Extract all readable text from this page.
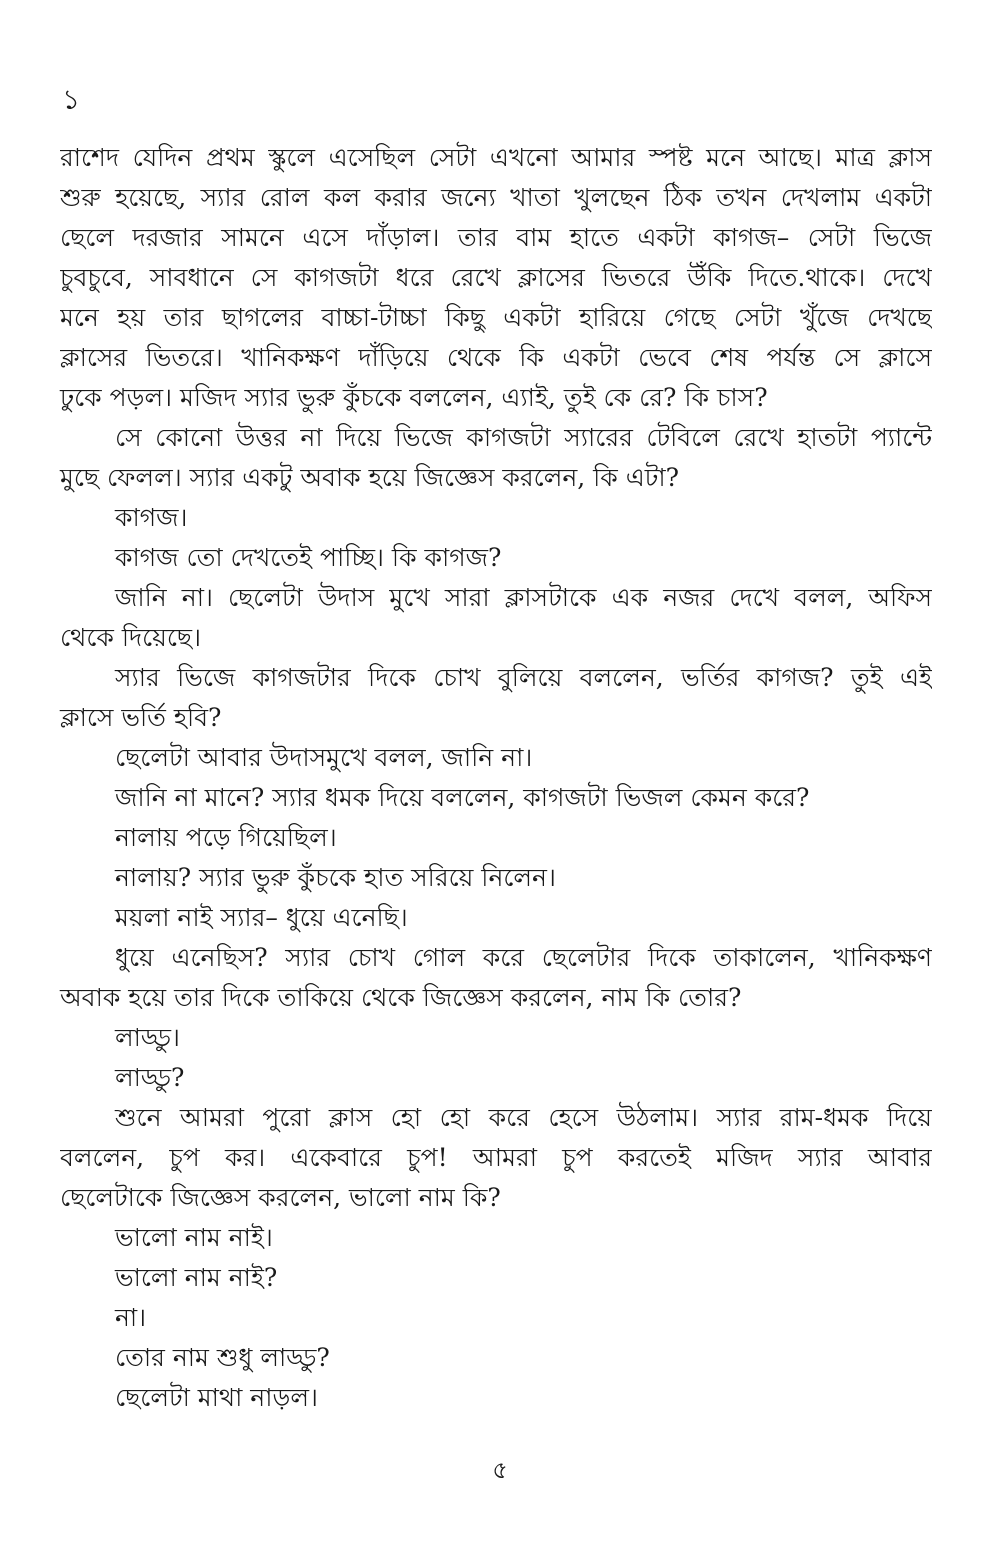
১
রাশেদ যেদিন প্রথম স্কুলে এসেছিল সেটা এখনো আমার স্পষ্ট মনে আছে। মাত্র ক্লাস
শুরু হয়েছে, স্যার রোল কল করার জন্যে খাতা খুলছেন ঠিক তখন দেখলাম একটা
ছেলে দরজার সামনে এসে দাঁড়াল। তার বাম হাতে একটা কাগজ– সেটা ভিজে
চুবচুবে, সাবধানে সে কাগজটা ধরে রেখে ক্লাসের ভিতরে উঁকি দিতে.থাকে। দেখে
মনে হয় তার ছাগলের বাচ্চা-টাচ্চা কিছু একটা হারিয়ে গেছে সেটা খুঁজে দেখছে
ক্লাসের ভিতরে। খানিকক্ষণ দাঁড়িয়ে থেকে কি একটা ভেবে শেষ পর্যন্ত সে ক্লাসে
ঢুকে পড়ল। মজিদ স্যার ভুরু কুঁচকে বললেন, এ্যাই, তুই কে রে? কি চাস?
সে কোনো উত্তর না দিয়ে ভিজে কাগজটা স্যারের টেবিলে রেখে হাতটা প্যান্টে
মুছে ফেলল। স্যার একটু অবাক হয়ে জিজ্ঞেস করলেন, কি এটা?
কাগজ।
কাগজ তো দেখতেই পাচ্ছি। কি কাগজ?
জানি না। ছেলেটা উদাস মুখে সারা ক্লাসটাকে এক নজর দেখে বলল, অফিস
থেকে দিয়েছে।
স্যার ভিজে কাগজটার দিকে চোখ বুলিয়ে বললেন, ভর্তির কাগজ? তুই এই
ক্লাসে ভর্তি হবি?
ছেলেটা আবার উদাসমুখে বলল, জানি না।
জানি না মানে? স্যার ধমক দিয়ে বললেন, কাগজটা ভিজল কেমন করে?
নালায় পড়ে গিয়েছিল।
নালায়? স্যার ভুরু কুঁচকে হাত সরিয়ে নিলেন।
ময়লা নাই স্যার– ধুয়ে এনেছি।
ধুয়ে এনেছিস? স্যার চোখ গোল করে ছেলেটার দিকে তাকালেন, খানিকক্ষণ
অবাক হয়ে তার দিকে তাকিয়ে থেকে জিজ্ঞেস করলেন, নাম কি তোর?
লাড্ডু।
লাড্ডু?
শুনে আমরা পুরো ক্লাস হো হো করে হেসে উঠলাম। স্যার রাম-ধমক দিয়ে
বললেন, চুপ কর। একেবারে চুপ! আমরা চুপ করতেই মজিদ স্যার আবার
ছেলেটাকে জিজ্ঞেস করলেন, ভালো নাম কি?
ভালো নাম নাই।
ভালো নাম নাই?
না।
তোর নাম শুধু লাড্ডু?
ছেলেটা মাথা নাড়ল।
৫
